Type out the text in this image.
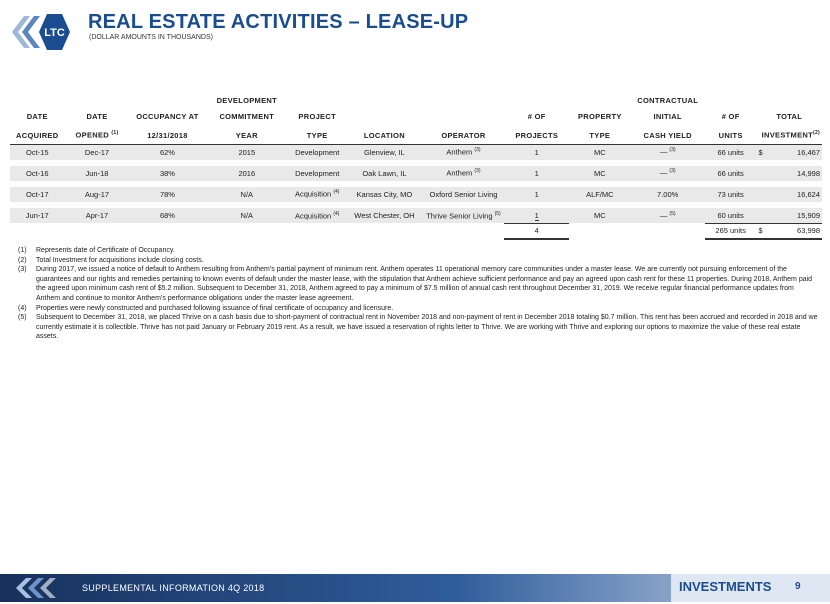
LTC
REIT
REAL ESTATE ACTIVITIES – LEASE-UP
(DOLLAR AMOUNTS IN THOUSANDS)
			DEVELOPMENT						CONTRACTUAL		
DATE	DATE	OCCUPANCY AT	COMMITMENT	PROJECT			# OF	PROPERTY	INITIAL	# OF	TOTAL
ACQUIRED	OPENED $^{(1)}$	12/31/2018	YEAR	TYPE	LOCATION	OPERATOR	PROJECTS	TYPE	CASH YIELD	UNITS	INVESTMENT$^{(2)}$
Oct-15	Dec-17	62%	2015	Development	Glenview, IL	Anthem $^{(3)}$	1	MC	— $^{(3)}$	66 units	$ 16,467

Oct-16	Jun-18	38%	2016	Development	Oak Lawn, IL	Anthem $^{(3)}$	1	MC	— $^{(3)}$	66 units	14,998

Oct-17	Aug-17	78%	N/A	Acquisition $^{(4)}$	Kansas City, MO	Oxford Senior Living	1	ALF/MC	7.00%	73 units	16,624

Jun-17	Apr-17	68%	N/A	Acquisition $^{(4)}$	West Chester, OH	Thrive Senior Living $^{(5)}$	1	MC	— $^{(5)}$	60 units	15,909

							4			265 units	$ 63,998
(1)	Represents date of Certificate of Occupancy.
(2)	Total Investment for acquisitions include closing costs.
(3)	During 2017, we issued a notice of default to Anthem resulting from Anthem’s partial payment of minimum rent. Anthem operates 11 operational memory care communities under a master lease. We are currently not pursuing enforcement of the guarantees and our rights and remedies pertaining to known events of default under the master lease, with the stipulation that Anthem achieve sufficient performance and pay an agreed upon cash rent for these 11 properties. During 2018, Anthem paid the agreed upon minimum cash rent of $5.2 million. Subsequent to December 31, 2018, Anthem agreed to pay a minimum of $7.5 million of annual cash rent throughout December 31, 2019. We receive regular financial performance updates from Anthem and continue to monitor Anthem’s performance obligations under the master lease agreement.
(4)	Properties were newly constructed and purchased following issuance of final certificate of occupancy and licensure.
(5)	Subsequent to December 31, 2018, we placed Thrive on a cash basis due to short-payment of contractual rent in November 2018 and non-payment of rent in December 2018 totaling $0.7 million. This rent has been accrued and recorded in 2018 and we currently estimate it is collectible. Thrive has not paid January or February 2019 rent. As a result, we have issued a reservation of rights letter to Thrive. We are working with Thrive and exploring our options to maximize the value of these real estate assets.
SUPPLEMENTAL INFORMATION 4Q 2018	INVESTMENTS 9
